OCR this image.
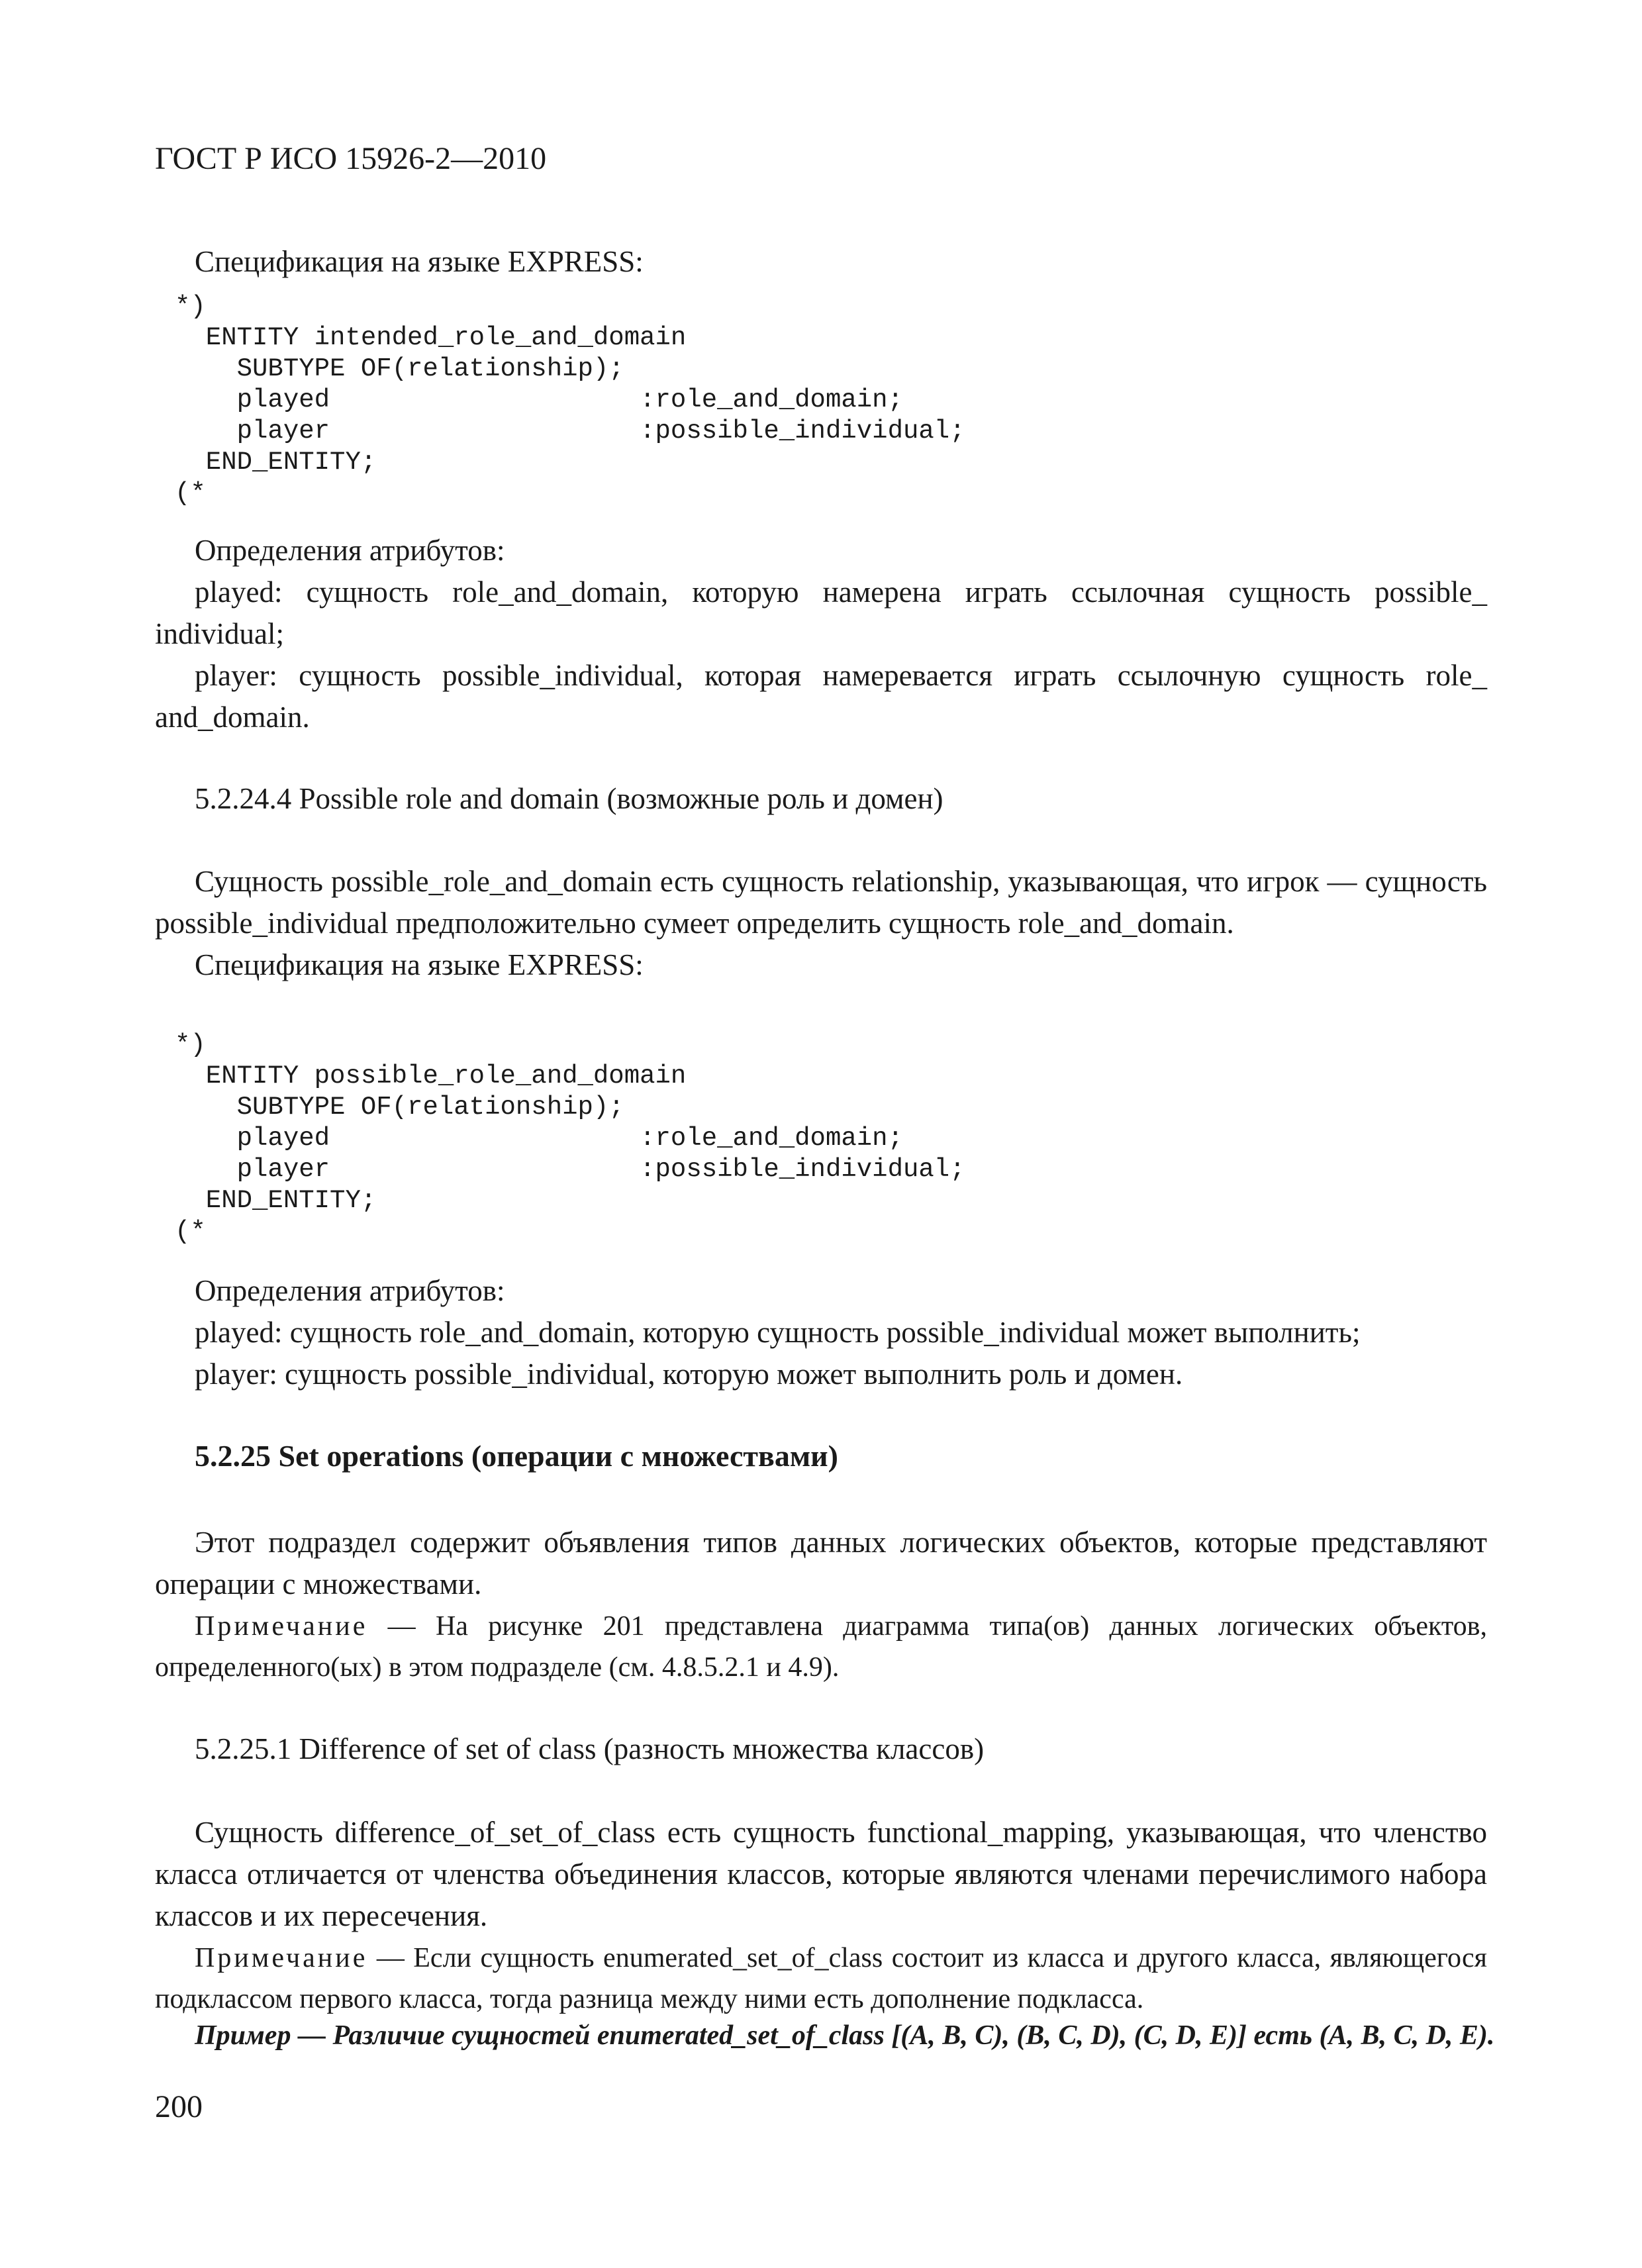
ГОСТ Р ИСО 15926-2—2010
Спецификация на языке EXPRESS:
*)
ENTITY intended_role_and_domain
SUBTYPE OF(relationship);
played                    :role_and_domain;
player                    :possible_individual;
END_ENTITY;
(*
Определения атрибутов:
played: сущность role_and_domain, которую намерена играть ссылочная сущность possible_ individual;
player: сущность possible_individual, которая намеревается играть ссылочную сущность role_ and_domain.
5.2.24.4 Possible role and domain (возможные роль и домен)
Сущность possible_role_and_domain есть сущность relationship, указывающая, что игрок — сущность possible_individual предположительно сумеет определить сущность role_and_domain.
Спецификация на языке EXPRESS:
*)
ENTITY possible_role_and_domain
SUBTYPE OF(relationship);
played                    :role_and_domain;
player                    :possible_individual;
END_ENTITY;
(*
Определения атрибутов:
played: сущность role_and_domain, которую сущность possible_individual может выполнить;
player: сущность possible_individual, которую может выполнить роль и домен.
5.2.25 Set operations (операции с множествами)
Этот подраздел содержит объявления типов данных логических объектов, которые представляют операции с множествами.
Примечание — На рисунке 201 представлена диаграмма типа(ов) данных логических объектов, определенного(ых) в этом подразделе (см. 4.8.5.2.1 и 4.9).
5.2.25.1 Difference of set of class (разность множества классов)
Сущность difference_of_set_of_class есть сущность functional_mapping, указывающая, что членство класса отличается от членства объединения классов, которые являются членами перечислимого набора классов и их пересечения.
Примечание — Если сущность enumerated_set_of_class состоит из класса и другого класса, являющегося подклассом первого класса, тогда разница между ними есть дополнение подкласса.
Пример — Различие сущностей enumerated_set_of_class [(A, B, C), (B, C, D), (C, D, E)] есть (A, B, C, D, E).
200
